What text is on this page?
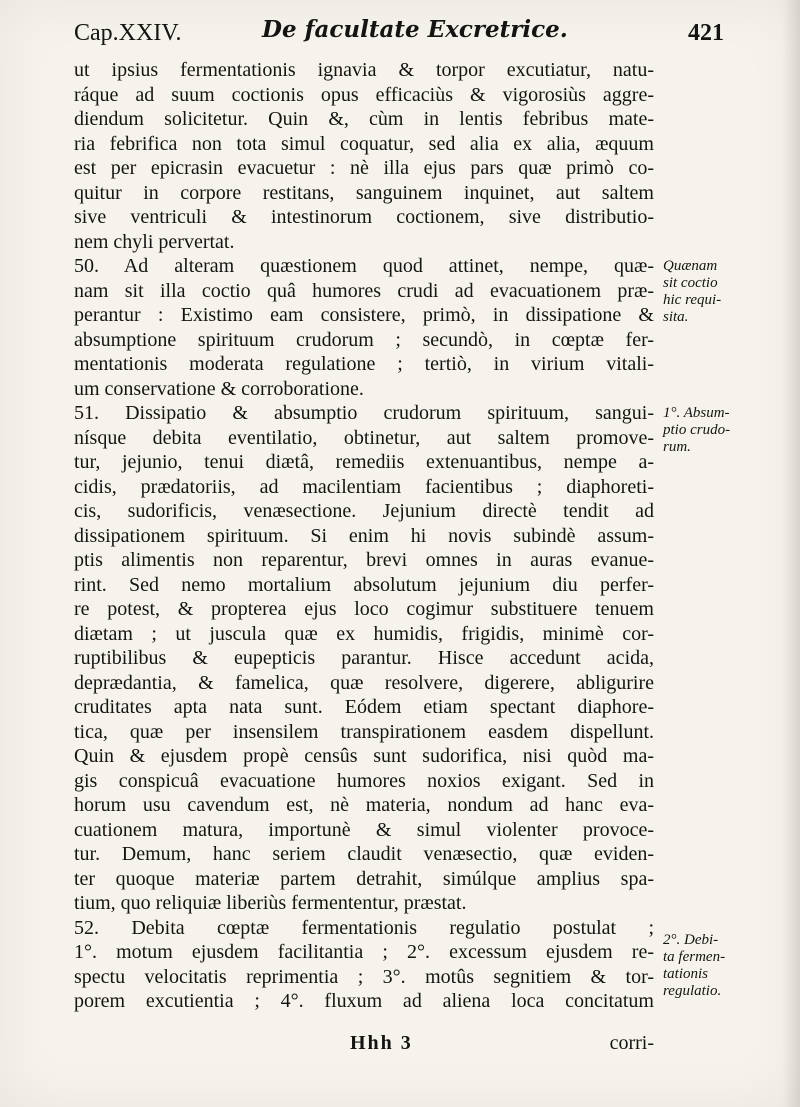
Cap.XXIV.	De facultate Excretrice.	421
ut ipsius fermentationis ignavia & torpor excutiatur, natu-
ráque ad suum coctionis opus efficaciùs & vigorosiùs aggre-
diendum solicitetur. Quin &, cùm in lentis febribus mate-
ria febrifica non tota simul coquatur, sed alia ex alia, æquum
est per epicrasin evacuetur : nè illa ejus pars quæ primò co-
quitur in corpore restitans, sanguinem inquinet, aut saltem
sive ventriculi & intestinorum coctionem, sive distributio-
nem chyli pervertat.
50. Ad alteram quæstionem quod attinet, nempe, quæ-
nam sit illa coctio quâ humores crudi ad evacuationem præ-
perantur : Existimo eam consistere, primò, in dissipatione &
absumptione spirituum crudorum ; secundò, in cœptæ fer-
mentationis moderata regulatione ; tertiò, in virium vitali-
um conservatione & corroboratione.
51. Dissipatio & absumptio crudorum spirituum, sangui-
nísque debita eventilatio, obtinetur, aut saltem promove-
tur, jejunio, tenui diætâ, remediis extenuantibus, nempe a-
cidis, prædatoriis, ad macilentiam facientibus ; diaphoreti-
cis, sudorificis, venæsectione. Jejunium directè tendit ad
dissipationem spirituum. Si enim hi novis subindè assum-
ptis alimentis non reparentur, brevi omnes in auras evanue-
rint. Sed nemo mortalium absolutum jejunium diu perfer-
re potest, & propterea ejus loco cogimur substituere tenuem
diætam ; ut juscula quæ ex humidis, frigidis, minimè cor-
ruptibilibus & eupepticis parantur. Hisce accedunt acida,
deprædantia, & famelica, quæ resolvere, digerere, abligurire
cruditates apta nata sunt. Eódem etiam spectant diaphore-
tica, quæ per insensilem transpirationem easdem dispellunt.
Quin & ejusdem propè censûs sunt sudorifica, nisi quòd ma-
gis conspicuâ evacuatione humores noxios exigant. Sed in
horum usu cavendum est, nè materia, nondum ad hanc eva-
cuationem matura, importunè & simul violenter provoce-
tur. Demum, hanc seriem claudit venæsectio, quæ eviden-
ter quoque materiæ partem detrahit, simúlque amplius spa-
tium, quo reliquiæ liberiùs fermententur, præstat.
52. Debita cœptæ fermentationis regulatio postulat ;
1°. motum ejusdem facilitantia ; 2°. excessum ejusdem re-
spectu velocitatis reprimentia ; 3°. motûs segnitiem & tor-
porem excutientia ; 4°. fluxum ad aliena loca concitatum
Quænam
sit coctio
hic requi-
sita.
1°. Absum-
ptio crudo-
rum.
2°. Debi-
ta fermen-
tationis
regulatio.
Hhh 3	corri-
